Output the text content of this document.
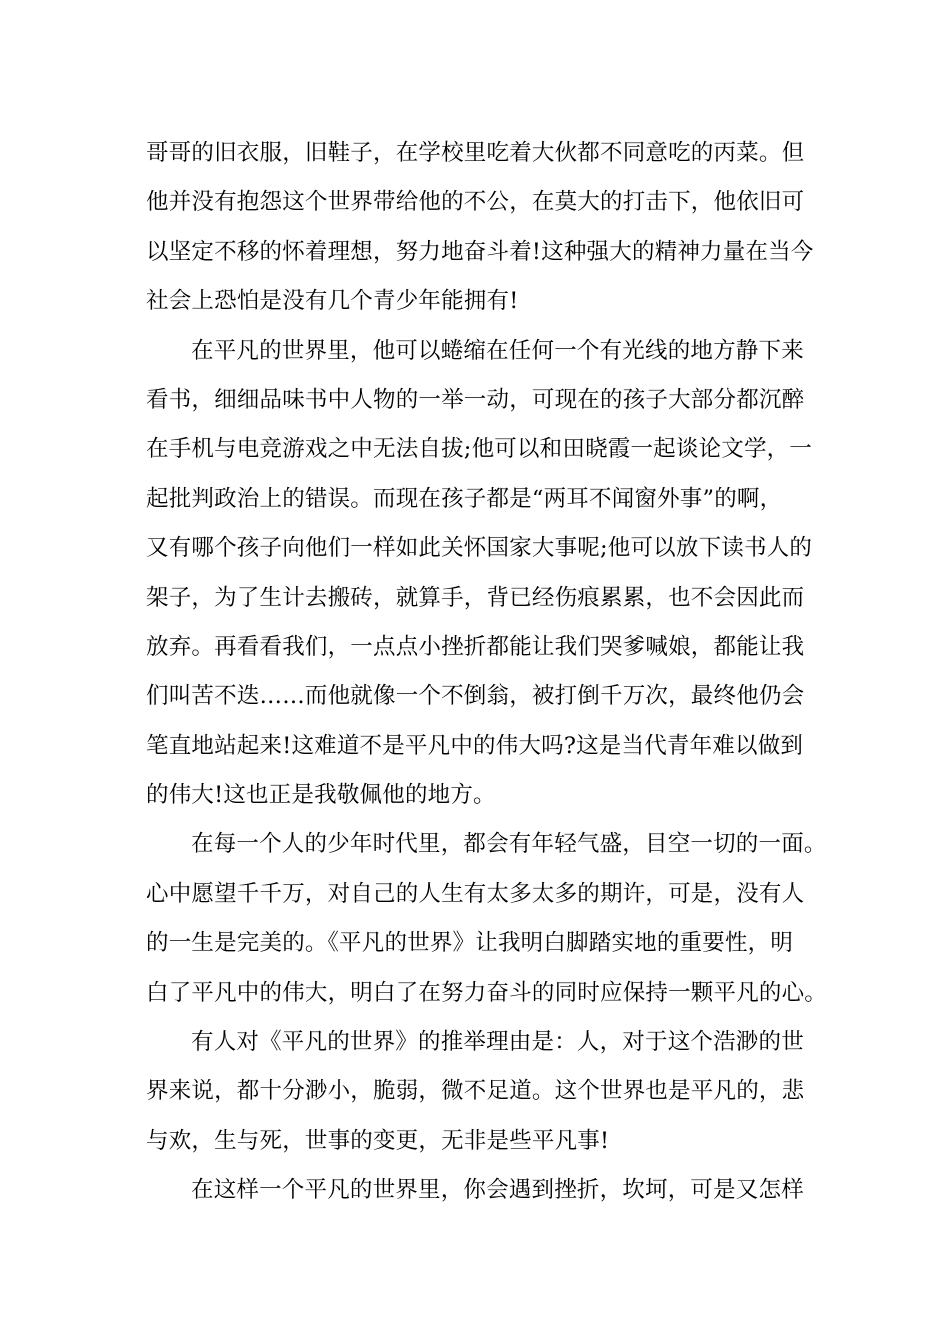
哥哥的旧衣服，旧鞋子，在学校里吃着大伙都不同意吃的丙菜。但
他并没有抱怨这个世界带给他的不公，在莫大的打击下，他依旧可
以坚定不移的怀着理想，努力地奋斗着!这种强大的精神力量在当今
社会上恐怕是没有几个青少年能拥有!
在平凡的世界里，他可以蜷缩在任何一个有光线的地方静下来
看书，细细品味书中人物的一举一动，可现在的孩子大部分都沉醉
在手机与电竞游戏之中无法自拔;他可以和田晓霞一起谈论文学，一
起批判政治上的错误。而现在孩子都是“两耳不闻窗外事”的啊，
又有哪个孩子向他们一样如此关怀国家大事呢;他可以放下读书人的
架子，为了生计去搬砖，就算手，背已经伤痕累累，也不会因此而
放弃。再看看我们，一点点小挫折都能让我们哭爹喊娘，都能让我
们叫苦不迭……而他就像一个不倒翁，被打倒千万次，最终他仍会
笔直地站起来!这难道不是平凡中的伟大吗?这是当代青年难以做到
的伟大!这也正是我敬佩他的地方。
在每一个人的少年时代里，都会有年轻气盛，目空一切的一面。
心中愿望千千万，对自己的人生有太多太多的期许，可是，没有人
的一生是完美的。《平凡的世界》让我明白脚踏实地的重要性，明
白了平凡中的伟大，明白了在努力奋斗的同时应保持一颗平凡的心。
有人对《平凡的世界》的推举理由是：人，对于这个浩渺的世
界来说，都十分渺小，脆弱，微不足道。这个世界也是平凡的，悲
与欢，生与死，世事的变更，无非是些平凡事!
在这样一个平凡的世界里，你会遇到挫折，坎坷，可是又怎样
